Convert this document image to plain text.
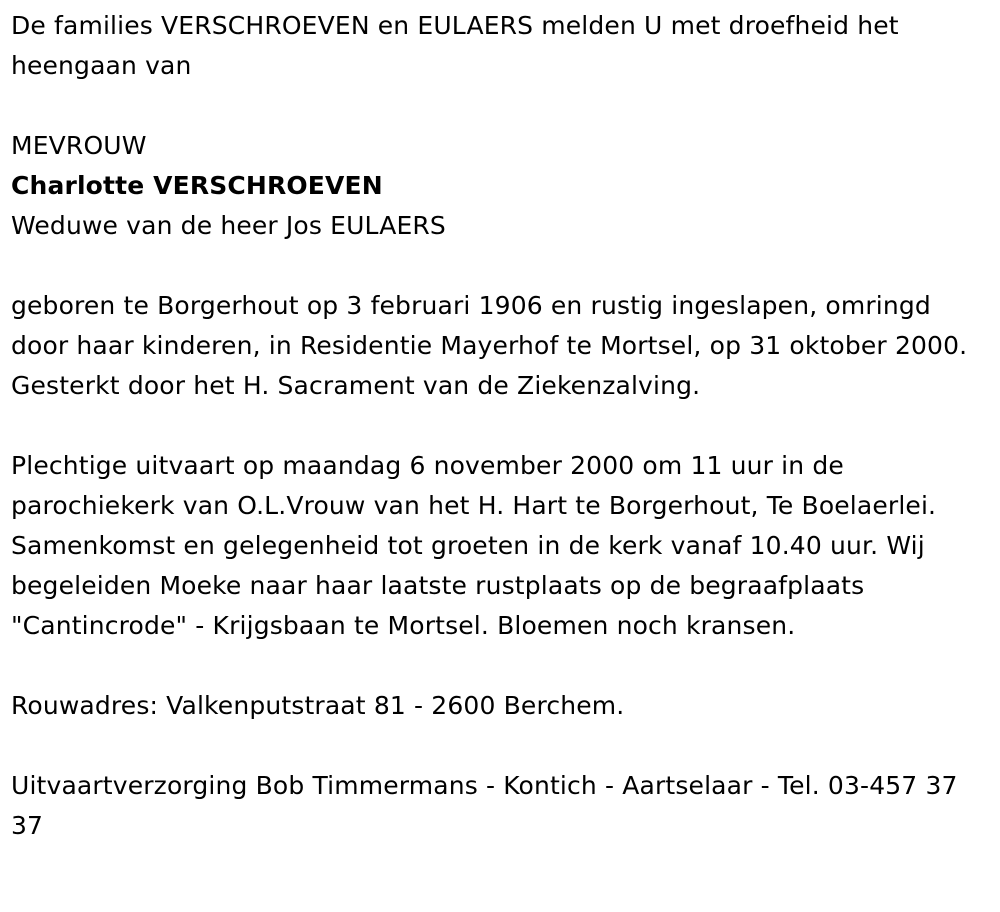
De families VERSCHROEVEN en EULAERS melden U met droefheid het heengaan van

MEVROUW

Charlotte VERSCHROEVEN

Weduwe van de heer Jos EULAERS

geboren te Borgerhout op 3 februari 1906 en rustig ingeslapen, omringd door haar kinderen, in Residentie Mayerhof te Mortsel, op 31 oktober 2000. Gesterkt door het H. Sacrament van de Ziekenzalving.

Plechtige uitvaart op maandag 6 november 2000 om 11 uur in de parochiekerk van O.L.Vrouw van het H. Hart te Borgerhout, Te Boelaerlei. Samenkomst en gelegenheid tot groeten in de kerk vanaf 10.40 uur. Wij begeleiden Moeke naar haar laatste rustplaats op de begraafplaats "Cantincrode" - Krijgsbaan te Mortsel. Bloemen noch kransen.

Rouwadres: Valkenputstraat 81 - 2600 Berchem.

Uitvaartverzorging Bob Timmermans - Kontich - Aartselaar - Tel. 03-457 37 37
